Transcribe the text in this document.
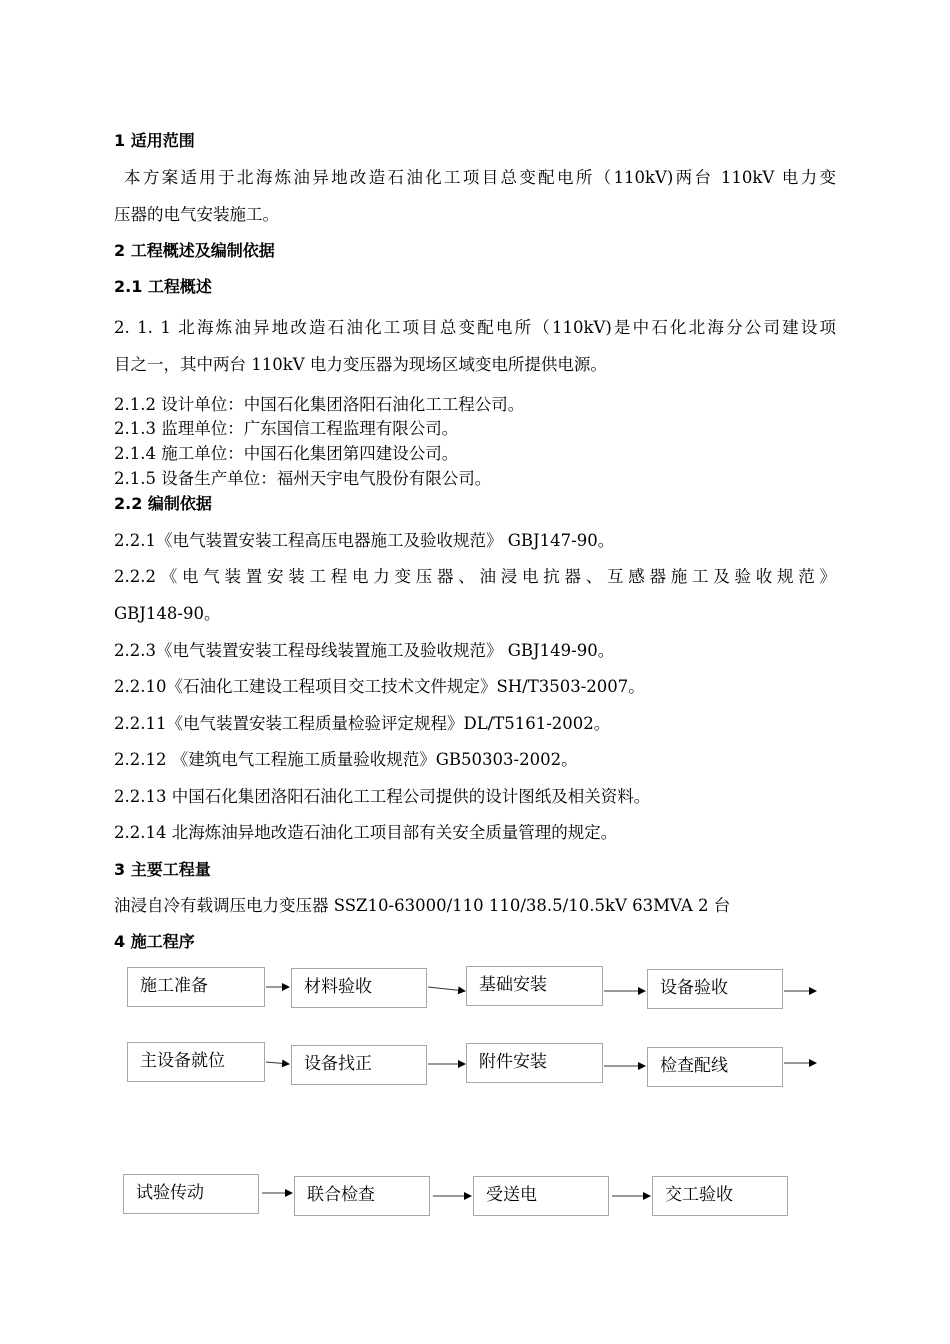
1 适用范围
本方案适用于北海炼油异地改造石油化工项目总变配电所（110kV)两台 110kV 电力变
压器的电气安装施工。
2 工程概述及编制依据
2.1 工程概述
2. 1. 1 北海炼油异地改造石油化工项目总变配电所（110kV)是中石化北海分公司建设项
目之一，其中两台 110kV 电力变压器为现场区域变电所提供电源。
2.1.2 设计单位：中国石化集团洛阳石油化工工程公司。
2.1.3 监理单位：广东国信工程监理有限公司。
2.1.4 施工单位：中国石化集团第四建设公司。
2.1.5 设备生产单位：福州天宇电气股份有限公司。
2.2 编制依据
2.2.1《电气装置安装工程高压电器施工及验收规范》 GBJ147-90。
2.2.2《电气装置安装工程电力变压器、油浸电抗器、互感器施工及验收规范》
GBJ148-90。
2.2.3《电气装置安装工程母线装置施工及验收规范》 GBJ149-90。
2.2.10《石油化工建设工程项目交工技术文件规定》SH/T3503-2007。
2.2.11《电气装置安装工程质量检验评定规程》DL/T5161-2002。
2.2.12 《建筑电气工程施工质量验收规范》GB50303-2002。
2.2.13 中国石化集团洛阳石油化工工程公司提供的设计图纸及相关资料。
2.2.14 北海炼油异地改造石油化工项目部有关安全质量管理的规定。
3 主要工程量
油浸自冷有载调压电力变压器 SSZ10-63000/110 110/38.5/10.5kV 63MVA 2 台
4 施工程序
施工准备	材料验收	基础安装	设备验收
主设备就位	设备找正	附件安装	检查配线
试验传动	联合检查	受送电	交工验收
